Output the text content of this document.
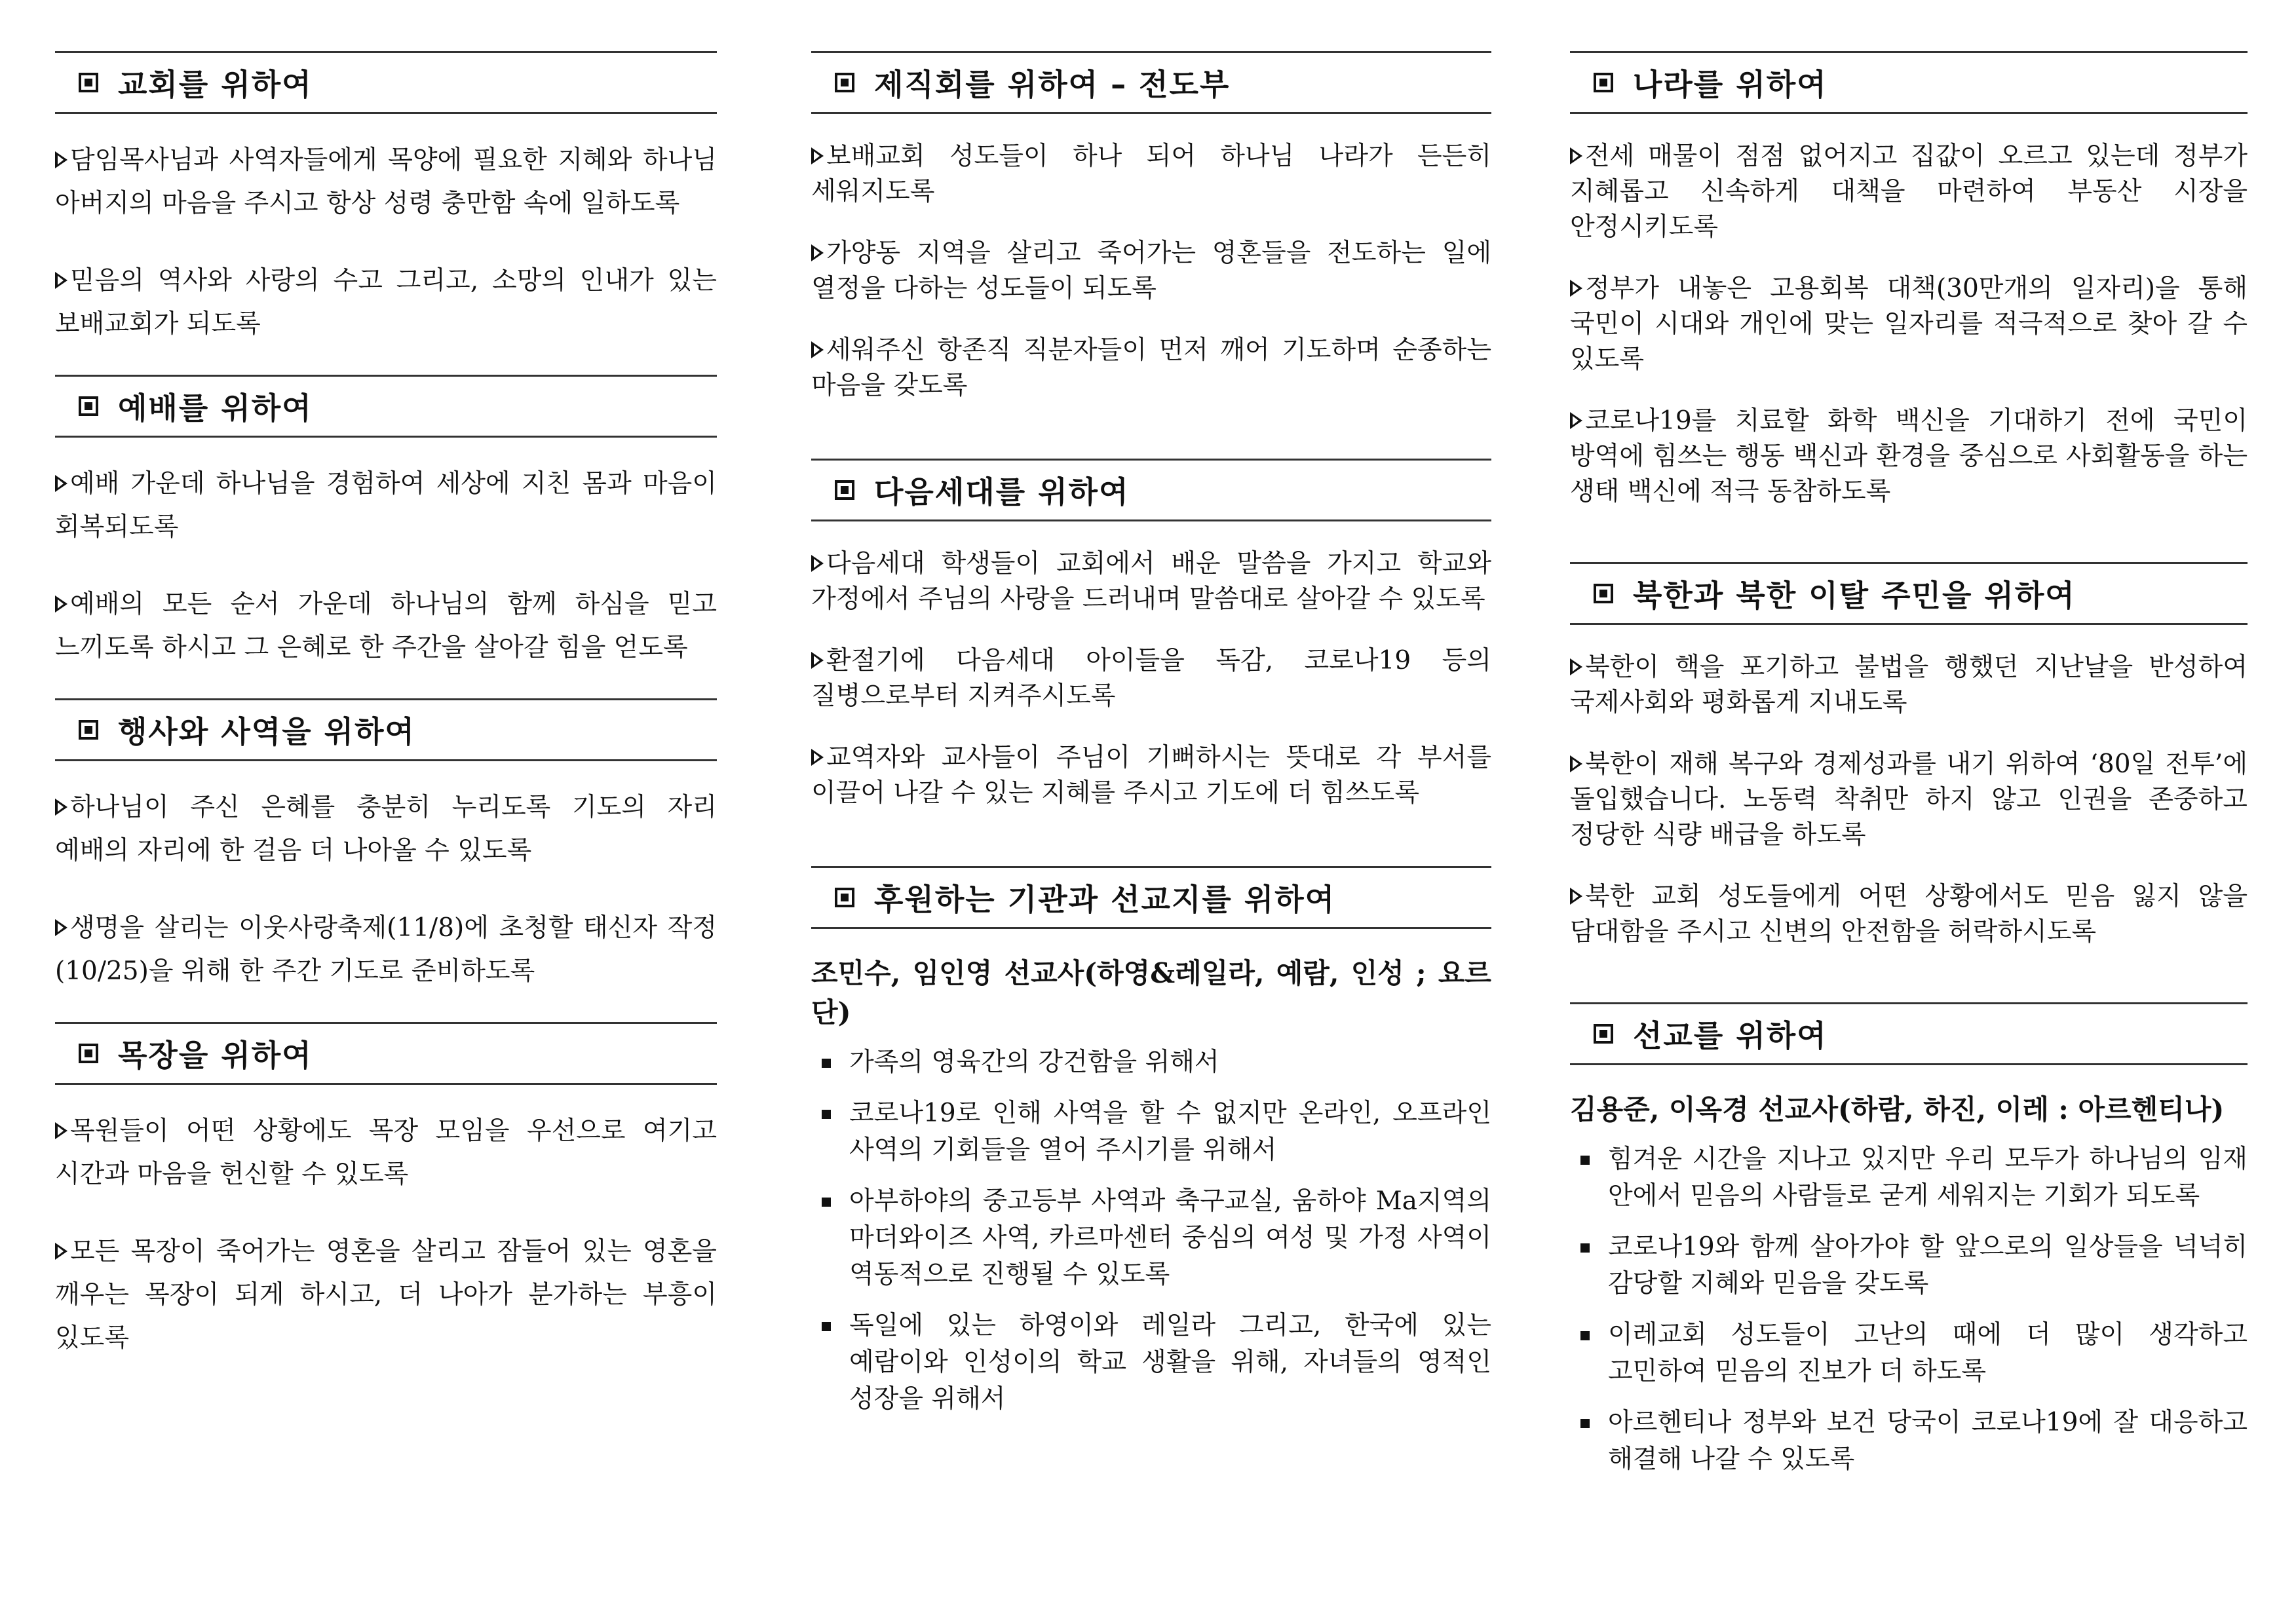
교회를 위하여
담임목사님과 사역자들에게 목양에 필요한 지혜와 하나님 아버지의 마음을 주시고 항상 성령 충만함 속에 일하도록
믿음의 역사와 사랑의 수고 그리고, 소망의 인내가 있는 보배교회가 되도록
예배를 위하여
예배 가운데 하나님을 경험하여 세상에 지친 몸과 마음이 회복되도록
예배의 모든 순서 가운데 하나님의 함께 하심을 믿고 느끼도록 하시고 그 은혜로 한 주간을 살아갈 힘을 얻도록
행사와 사역을 위하여
하나님이 주신 은혜를 충분히 누리도록 기도의 자리 예배의 자리에 한 걸음 더 나아올 수 있도록
생명을 살리는 이웃사랑축제(11/8)에 초청할 태신자 작정(10/25)을 위해 한 주간 기도로 준비하도록
목장을 위하여
목원들이 어떤 상황에도 목장 모임을 우선으로 여기고 시간과 마음을 헌신할 수 있도록
모든 목장이 죽어가는 영혼을 살리고 잠들어 있는 영혼을 깨우는 목장이 되게 하시고, 더 나아가 분가하는 부흥이 있도록
제직회를 위하여 – 전도부
보배교회 성도들이 하나 되어 하나님 나라가 든든히 세워지도록
가양동 지역을 살리고 죽어가는 영혼들을 전도하는 일에 열정을 다하는 성도들이 되도록
세워주신 항존직 직분자들이 먼저 깨어 기도하며 순종하는 마음을 갖도록
다음세대를 위하여
다음세대 학생들이 교회에서 배운 말씀을 가지고 학교와 가정에서 주님의 사랑을 드러내며 말씀대로 살아갈 수 있도록
환절기에 다음세대 아이들을 독감, 코로나19 등의 질병으로부터 지켜주시도록
교역자와 교사들이 주님이 기뻐하시는 뜻대로 각 부서를 이끌어 나갈 수 있는 지혜를 주시고 기도에 더 힘쓰도록
후원하는 기관과 선교지를 위하여
조민수, 임인영 선교사(하영&레일라, 예람, 인성 ; 요르단)
가족의 영육간의 강건함을 위해서
코로나19로 인해 사역을 할 수 없지만 온라인, 오프라인 사역의 기회들을 열어 주시기를 위해서
아부하야의 중고등부 사역과 축구교실, 움하야 Ma지역의 마더와이즈 사역, 카르마센터 중심의 여성 및 가정 사역이 역동적으로 진행될 수 있도록
독일에 있는 하영이와 레일라 그리고, 한국에 있는 예람이와 인성이의 학교 생활을 위해, 자녀들의 영적인 성장을 위해서
나라를 위하여
전세 매물이 점점 없어지고 집값이 오르고 있는데 정부가 지혜롭고 신속하게 대책을 마련하여 부동산 시장을 안정시키도록
정부가 내놓은 고용회복 대책(30만개의 일자리)을 통해 국민이 시대와 개인에 맞는 일자리를 적극적으로 찾아 갈 수 있도록
코로나19를 치료할 화학 백신을 기대하기 전에 국민이 방역에 힘쓰는 행동 백신과 환경을 중심으로 사회활동을 하는 생태 백신에 적극 동참하도록
북한과 북한 이탈 주민을 위하여
북한이 핵을 포기하고 불법을 행했던 지난날을 반성하여 국제사회와 평화롭게 지내도록
북한이 재해 복구와 경제성과를 내기 위하여 ‘80일 전투’에 돌입했습니다. 노동력 착취만 하지 않고 인권을 존중하고 정당한 식량 배급을 하도록
북한 교회 성도들에게 어떤 상황에서도 믿음 잃지 않을 담대함을 주시고 신변의 안전함을 허락하시도록
선교를 위하여
김용준, 이옥경 선교사(하람, 하진, 이레 : 아르헨티나)
힘겨운 시간을 지나고 있지만 우리 모두가 하나님의 임재 안에서 믿음의 사람들로 굳게 세워지는 기회가 되도록
코로나19와 함께 살아가야 할 앞으로의 일상들을 넉넉히 감당할 지혜와 믿음을 갖도록
이레교회 성도들이 고난의 때에 더 많이 생각하고 고민하여 믿음의 진보가 더 하도록
아르헨티나 정부와 보건 당국이 코로나19에 잘 대응하고 해결해 나갈 수 있도록
